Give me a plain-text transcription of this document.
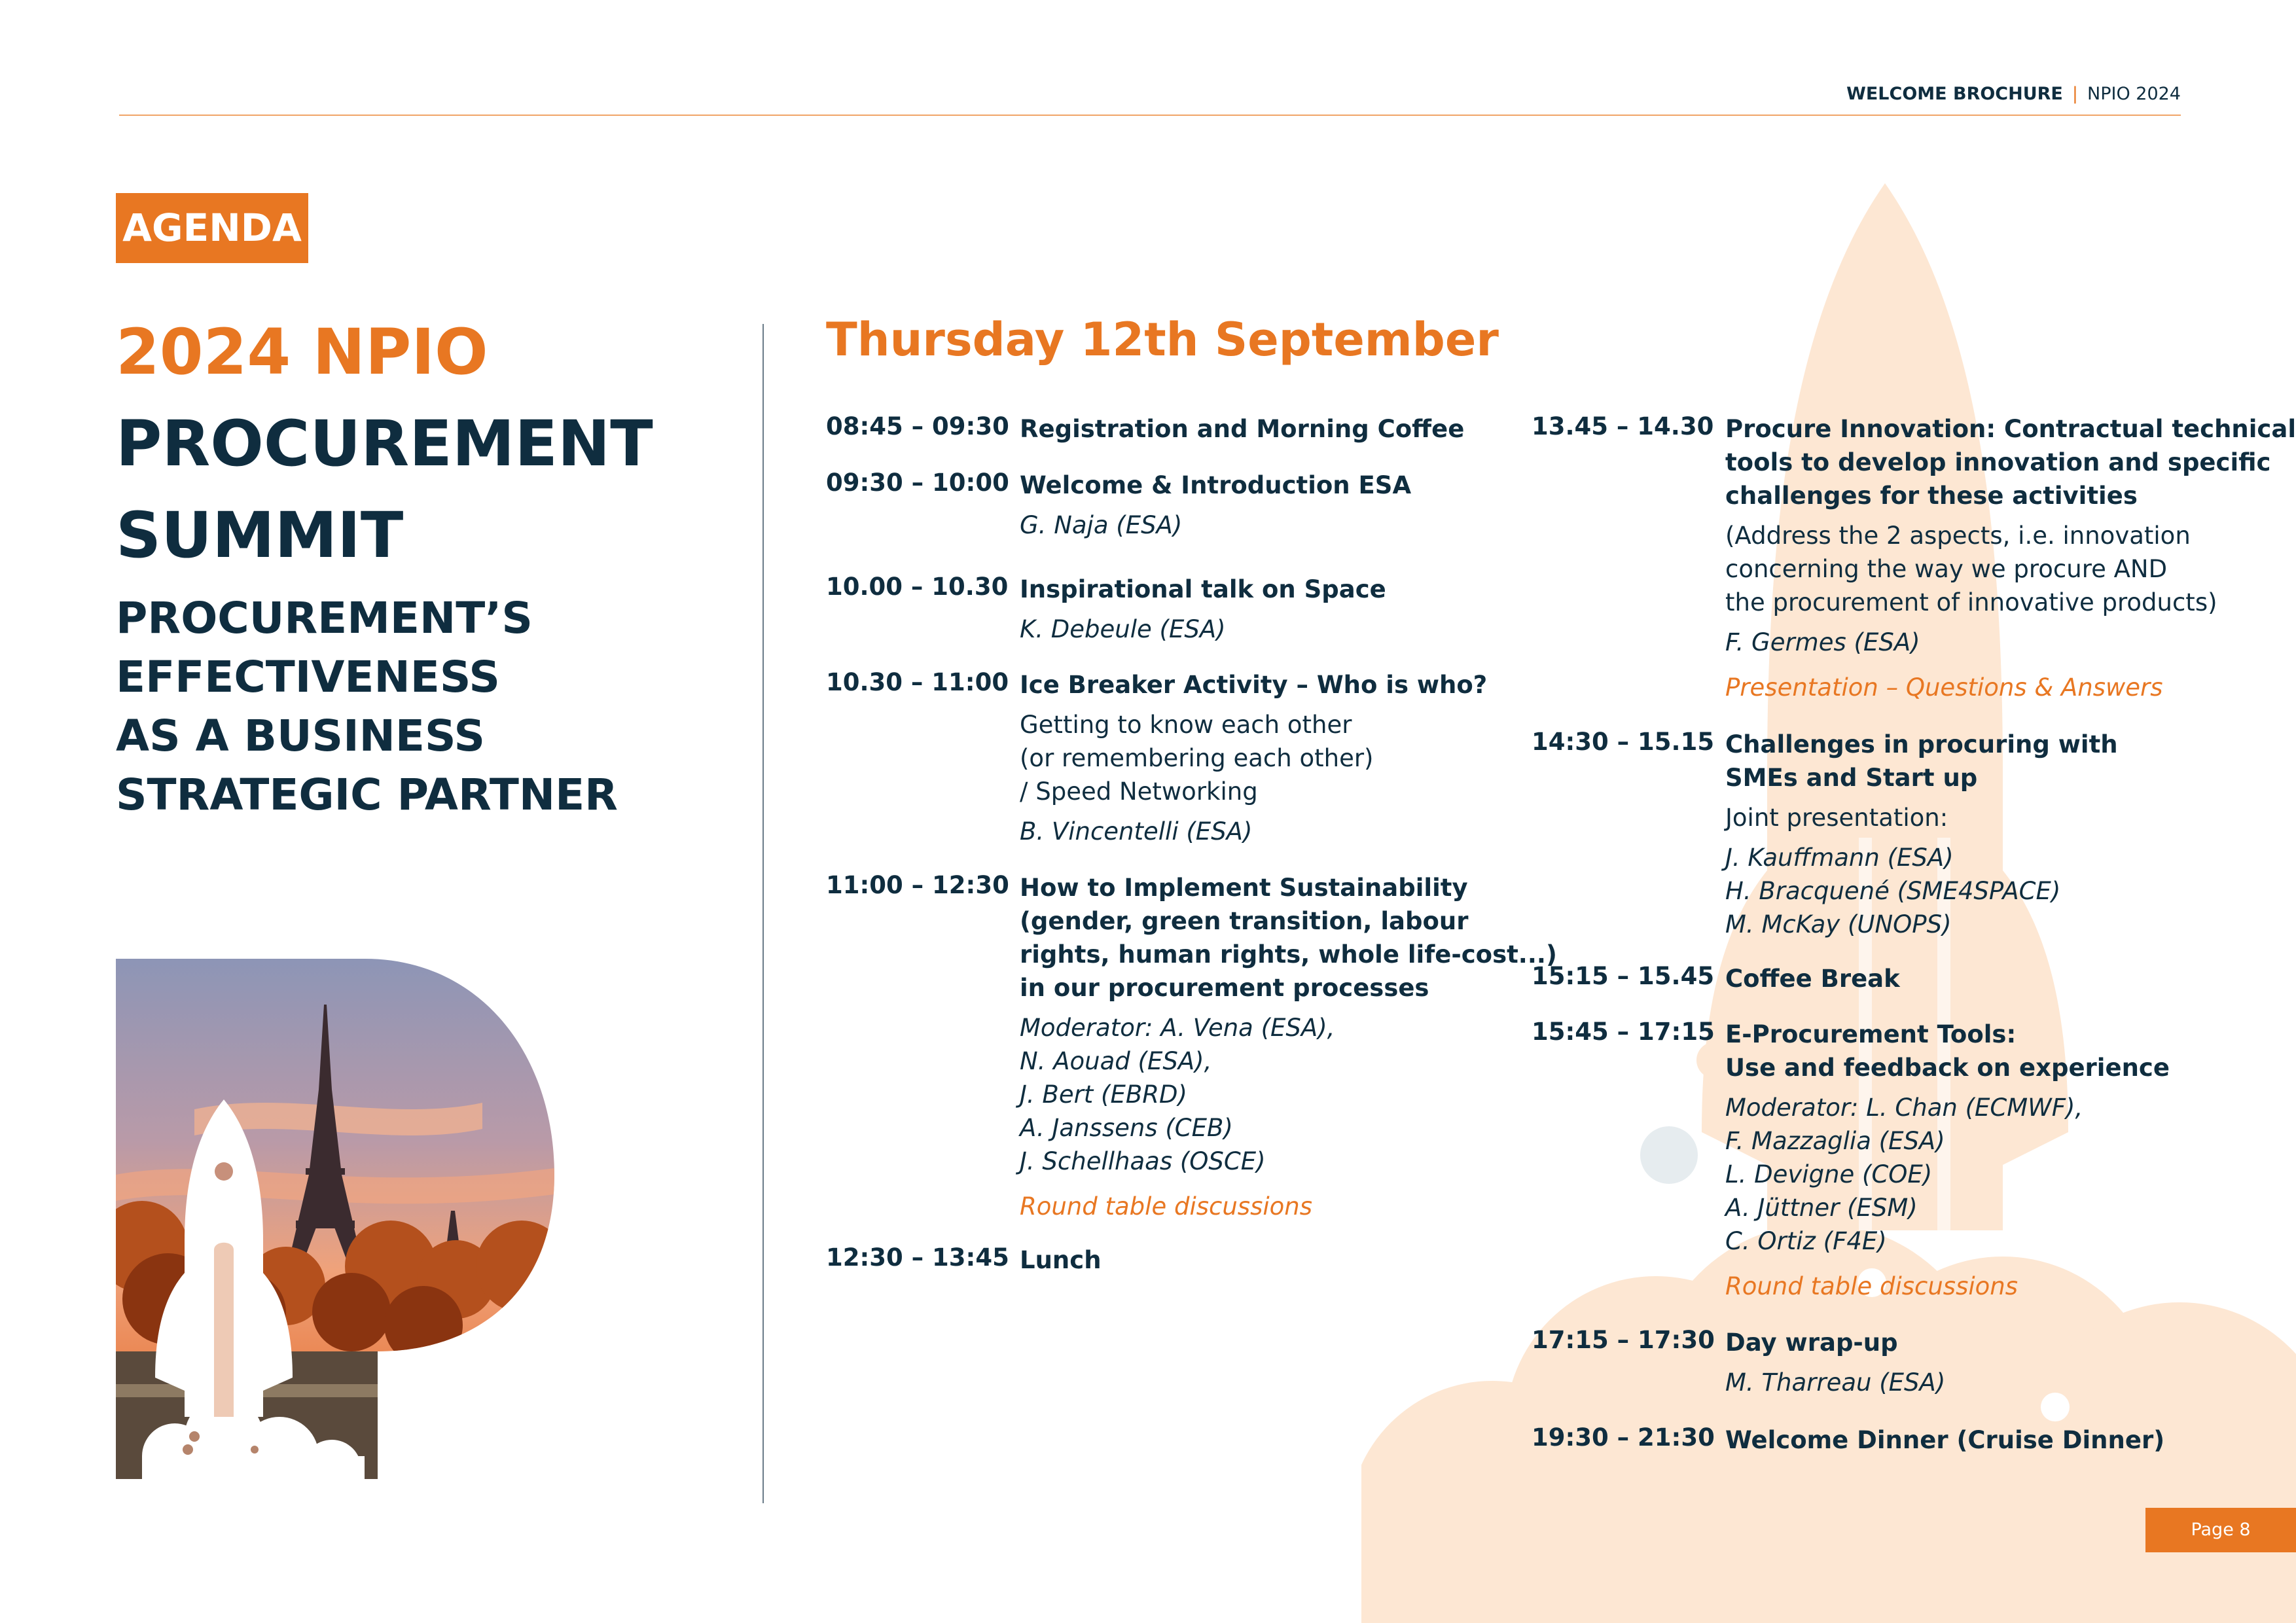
WELCOME BROCHURE | NPIO 2024
AGENDA
2024 NPIO
PROCUREMENT SUMMIT
PROCUREMENT’S
EFFECTIVENESS
AS A BUSINESS
STRATEGIC PARTNER
Thursday 12th September
08:45 – 09:30 Registration and Morning Coffee
09:30 – 10:00 Welcome & Introduction ESA
G. Naja (ESA)
10.00 – 10.30 Inspirational talk on Space
K. Debeule (ESA)
10.30 – 11:00 Ice Breaker Activity – Who is who?
Getting to know each other
(or remembering each other)
/ Speed Networking
B. Vincentelli (ESA)
11:00 – 12:30 How to Implement Sustainability
(gender, green transition, labour
rights, human rights, whole life-cost...)
in our procurement processes
Moderator: A. Vena (ESA),
N. Aouad (ESA),
J. Bert (EBRD)
A. Janssens (CEB)
J. Schellhaas (OSCE)
Round table discussions
12:30 – 13:45 Lunch
13.45 – 14.30 Procure Innovation: Contractual technical
tools to develop innovation and specific
challenges for these activities
(Address the 2 aspects, i.e. innovation
concerning the way we procure AND
the procurement of innovative products)
F. Germes (ESA)
Presentation – Questions & Answers
14:30 – 15.15 Challenges in procuring with
SMEs and Start up
Joint presentation:
J. Kauffmann (ESA)
H. Bracquené (SME4SPACE)
M. McKay (UNOPS)
15:15 – 15.45 Coffee Break
15:45 – 17:15 E-Procurement Tools:
Use and feedback on experience
Moderator: L. Chan (ECMWF),
F. Mazzaglia (ESA)
L. Devigne (COE)
A. Jüttner (ESM)
C. Ortiz (F4E)
Round table discussions
17:15 – 17:30 Day wrap-up
M. Tharreau (ESA)
19:30 – 21:30 Welcome Dinner (Cruise Dinner)
Page 8
